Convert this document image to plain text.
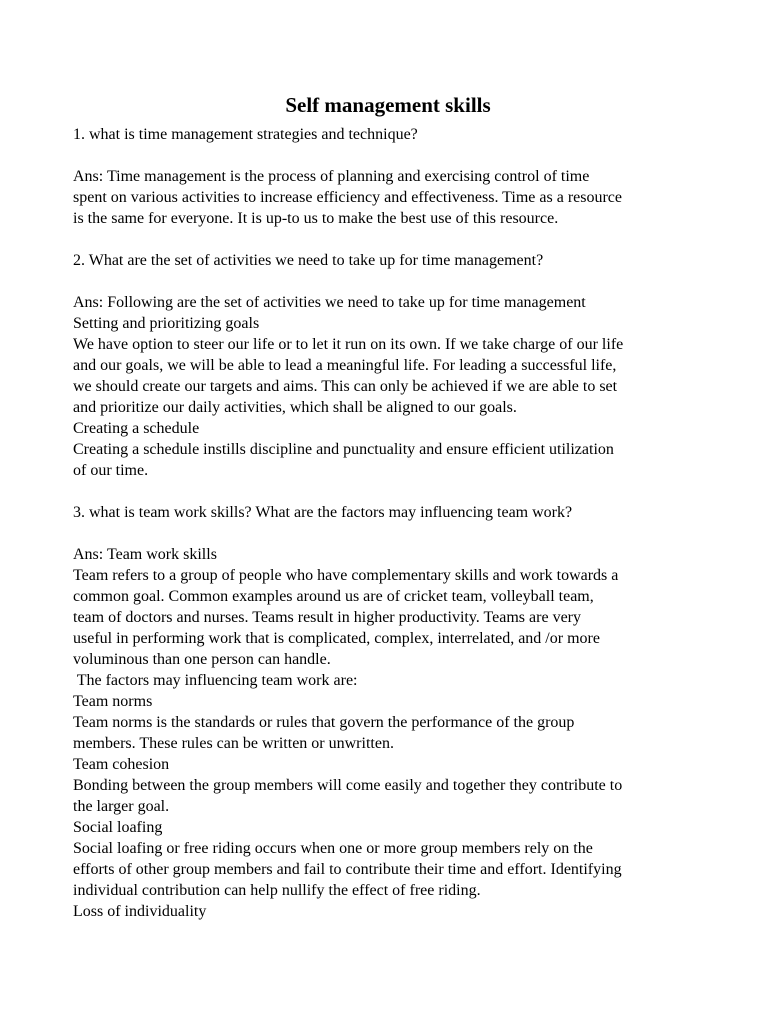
Self management skills

1. what is time management strategies and technique?

Ans: Time management is the process of planning and exercising control of time

spent on various activities to increase efficiency and effectiveness. Time as a resource

is the same for everyone. It is up-to us to make the best use of this resource.

2. What are the set of activities we need to take up for time management?

Ans: Following are the set of activities we need to take up for time management

Setting and prioritizing goals

We have option to steer our life or to let it run on its own. If we take charge of our life

and our goals, we will be able to lead a meaningful life. For leading a successful life,

we should create our targets and aims. This can only be achieved if we are able to set

and prioritize our daily activities, which shall be aligned to our goals.

Creating a schedule

Creating a schedule instills discipline and punctuality and ensure efficient utilization

of our time.

3. what is team work skills? What are the factors may influencing team work?

Ans: Team work skills

Team refers to a group of people who have complementary skills and work towards a

common goal. Common examples around us are of cricket team, volleyball team,

team of doctors and nurses. Teams result in higher productivity. Teams are very

useful in performing work that is complicated, complex, interrelated, and /or more

voluminous than one person can handle.

The factors may influencing team work are:

Team norms

Team norms is the standards or rules that govern the performance of the group

members. These rules can be written or unwritten.

Team cohesion

Bonding between the group members will come easily and together they contribute to

the larger goal.

Social loafing

Social loafing or free riding occurs when one or more group members rely on the

efforts of other group members and fail to contribute their time and effort. Identifying

individual contribution can help nullify the effect of free riding.

Loss of individuality
